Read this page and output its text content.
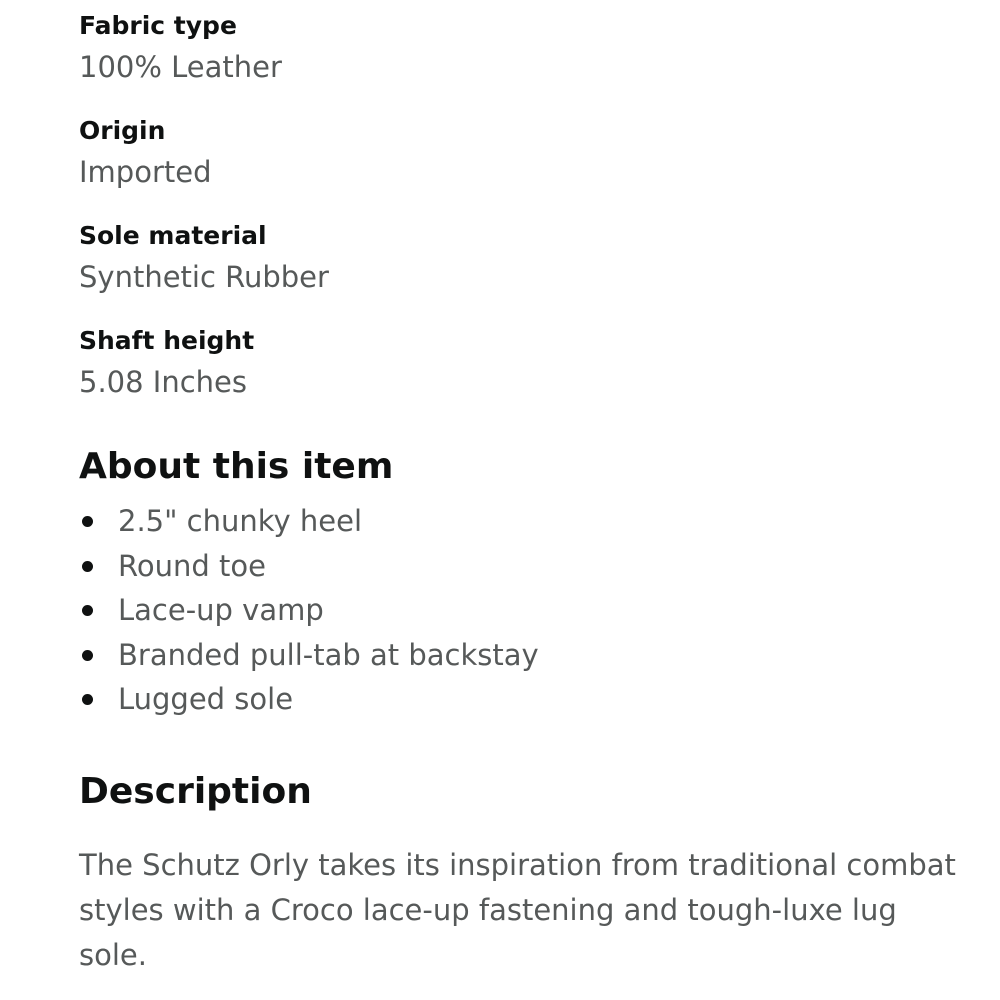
Fabric type
100% Leather
Origin
Imported
Sole material
Synthetic Rubber
Shaft height
5.08 Inches
About this item
2.5" chunky heel
Round toe
Lace-up vamp
Branded pull-tab at backstay
Lugged sole
Description

The Schutz Orly takes its inspiration from traditional combat styles with a Croco lace-up fastening and tough-luxe lug sole.
